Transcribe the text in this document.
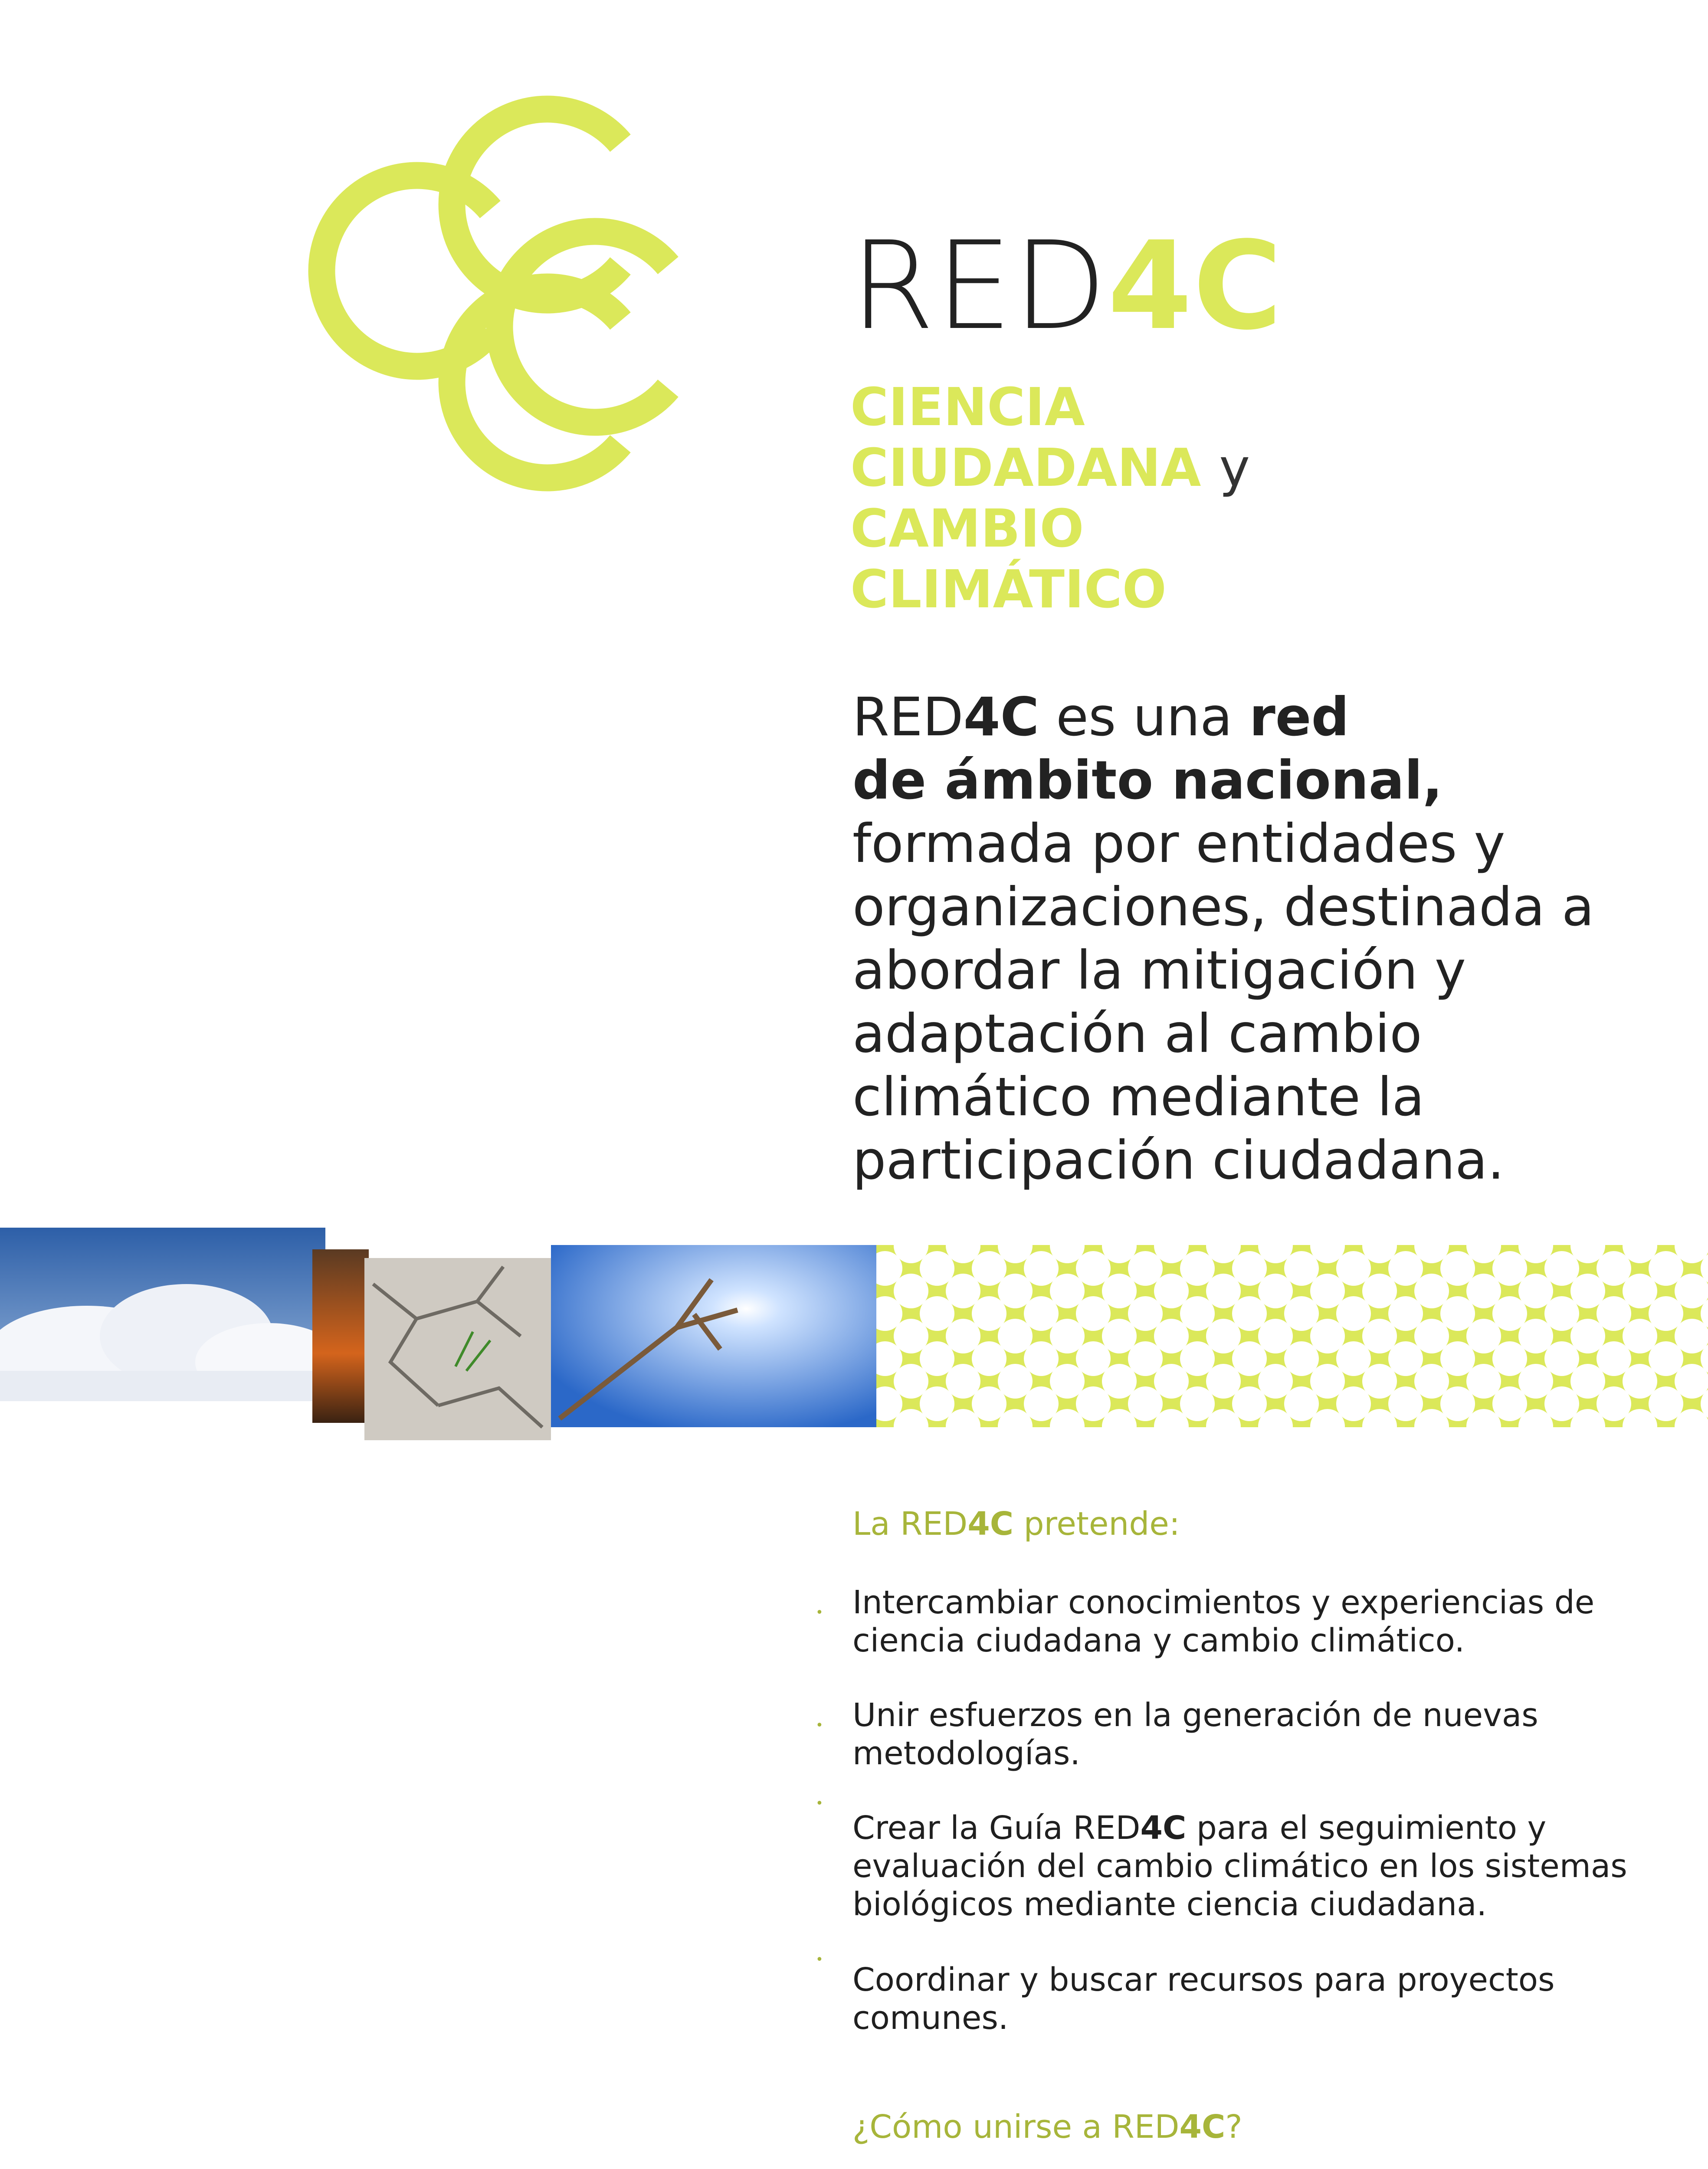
RED4C
CIENCIA
CIUDADANA y
CAMBIO
CLIMÁTICO
RED4C es una red
de ámbito nacional,
formada por entidades y organizaciones, destinada a abordar la mitigación y adaptación al cambio climático mediante la participación ciudadana.
La RED4C pretende:
• Intercambiar conocimientos y experiencias de ciencia ciudadana y cambio climático.
• Unir esfuerzos en la generación de nuevas metodologías.
•
Crear la Guía RED4C para el seguimiento y evaluación del cambio climático en los sistemas biológicos mediante ciencia ciudadana.
•
Coordinar y buscar recursos para proyectos comunes.
¿Cómo unirse a RED4C?
